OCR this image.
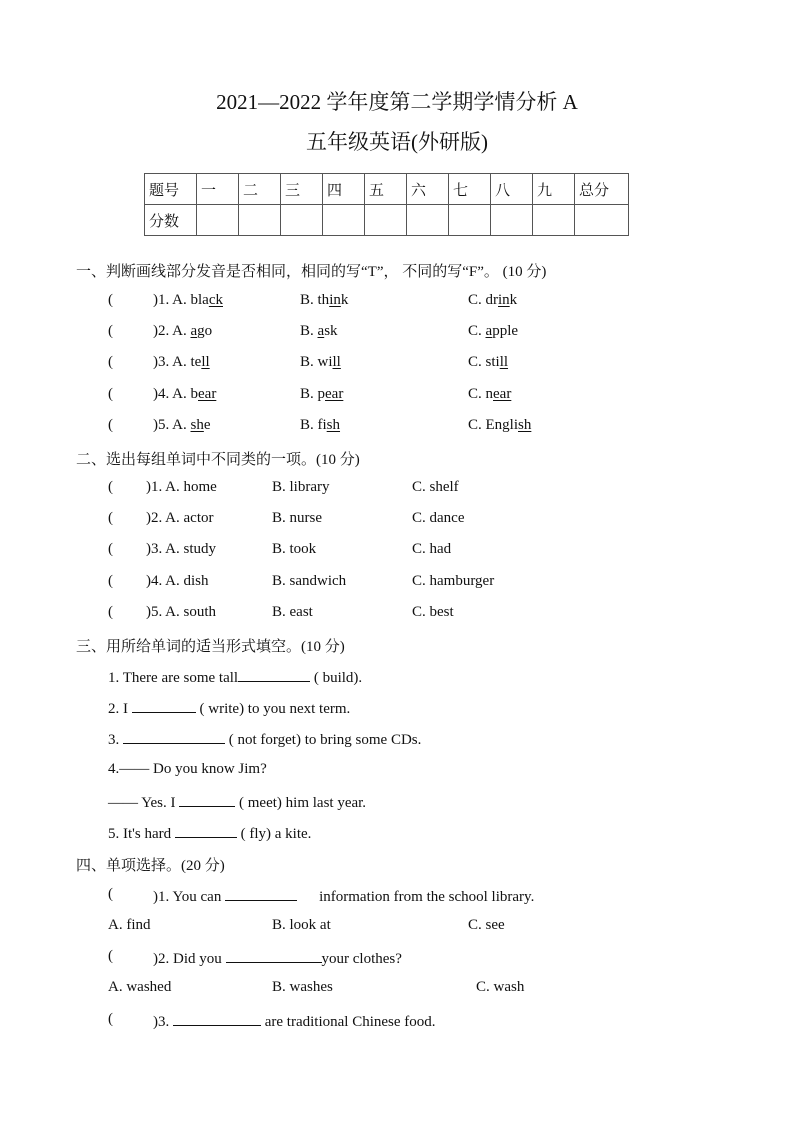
2021—2022 学年度第二学期学情分析 A
五年级英语(外研版)
题号	一	二	三	四	五	六	七	八	九	总分
分数										
一、判断画线部分发音是否相同，相同的写“T”， 不同的写“F”。 (10 分)
(	)1. A. black	B. think	C. drink
(	)2. A. ago	B. ask	C. apple
(	)3. A. tell	B. will	C. still
(	)4. A. bear	B. pear	C. near
(	)5. A. she	B. fish	C. English
二、选出每组单词中不同类的一项。(10 分)
( )1. A. home	B. library	C. shelf
( )2. A. actor	B. nurse	C. dance
( )3. A. study	B. took	C. had
( )4. A. dish	B. sandwich	C. hamburger
( )5. A. south	B. east	C. best
三、用所给单词的适当形式填空。(10 分)
1. There are some tall	( build).
2. I	( write) to you next term.
3.	( not forget) to bring some CDs.
4.—— Do you know Jim?
—— Yes. I	( meet) him last year.
5. It's hard	( fly) a kite.
四、单项选择。(20 分)
(	)1. You can	information from the school library.
A. find	B. look at	C. see
(	)2. Did you	your clothes?
A. washed	B. washes	C. wash
(	)3.	are traditional Chinese food.
